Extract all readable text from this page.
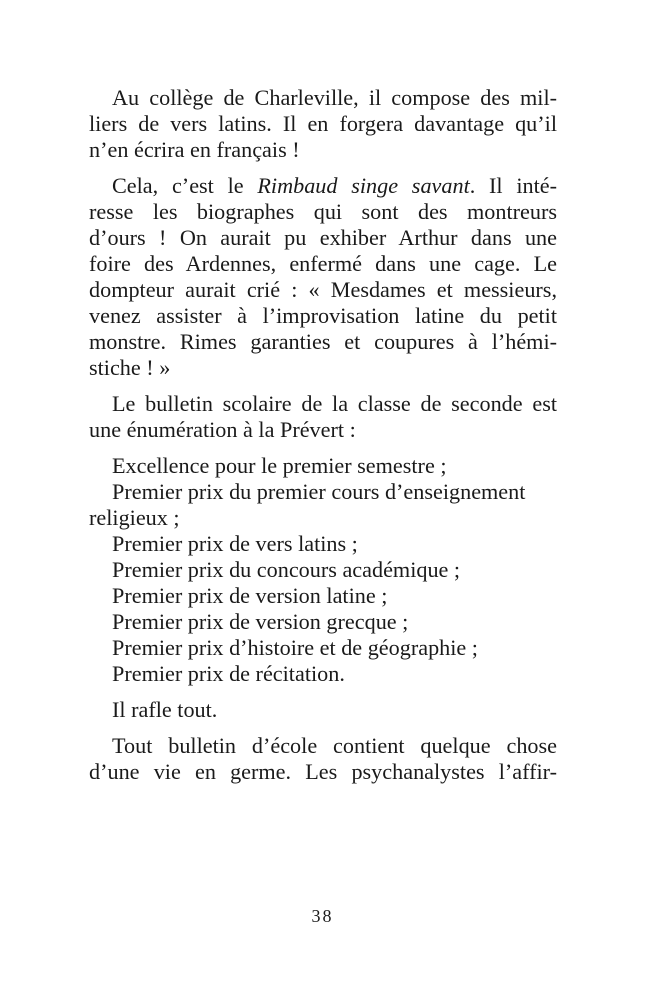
Au collège de Charleville, il compose des mil-
liers de vers latins. Il en forgera davantage qu’il
n’en écrira en français !

Cela, c’est le Rimbaud singe savant. Il inté-
resse les biographes qui sont des montreurs
d’ours ! On aurait pu exhiber Arthur dans une
foire des Ardennes, enfermé dans une cage. Le
dompteur aurait crié : « Mesdames et messieurs,
venez assister à l’improvisation latine du petit
monstre. Rimes garanties et coupures à l’hémi-
stiche ! »

Le bulletin scolaire de la classe de seconde est
une énumération à la Prévert :

Excellence pour le premier semestre ;
Premier prix du premier cours d’enseignement
religieux ;
Premier prix de vers latins ;
Premier prix du concours académique ;
Premier prix de version latine ;
Premier prix de version grecque ;
Premier prix d’histoire et de géographie ;
Premier prix de récitation.

Il rafle tout.

Tout bulletin d’école contient quelque chose
d’une vie en germe. Les psychanalystes l’affir-

38
